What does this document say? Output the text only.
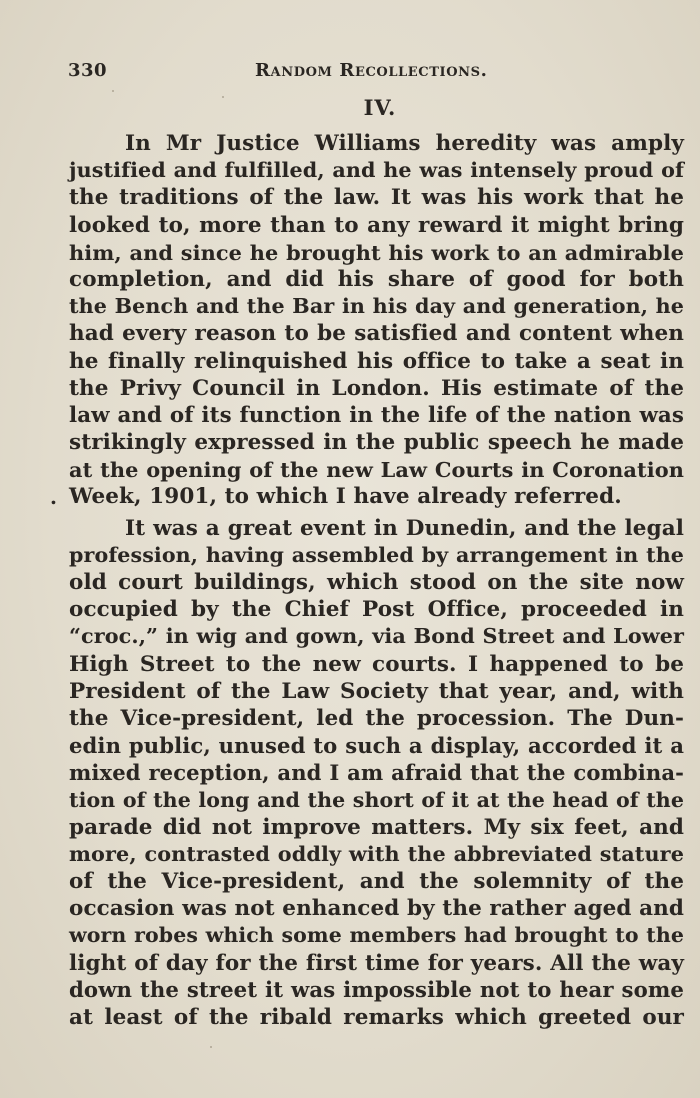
330	Random Recollections.
IV.
.
In Mr Justice Williams heredity was amply
justified and fulfilled, and he was intensely proud of
the traditions of the law. It was his work that he
looked to, more than to any reward it might bring
him, and since he brought his work to an admirable
completion, and did his share of good for both
the Bench and the Bar in his day and generation, he
had every reason to be satisfied and content when
he finally relinquished his office to take a seat in
the Privy Council in London. His estimate of the
law and of its function in the life of the nation was
strikingly expressed in the public speech he made
at the opening of the new Law Courts in Coronation
Week, 1901, to which I have already referred.
It was a great event in Dunedin, and the legal
profession, having assembled by arrangement in the
old court buildings, which stood on the site now
occupied by the Chief Post Office, proceeded in
“croc.,” in wig and gown, via Bond Street and Lower
High Street to the new courts. I happened to be
President of the Law Society that year, and, with
the Vice-president, led the procession. The Dun-
edin public, unused to such a display, accorded it a
mixed reception, and I am afraid that the combina-
tion of the long and the short of it at the head of the
parade did not improve matters. My six feet, and
more, contrasted oddly with the abbreviated stature
of the Vice-president, and the solemnity of the
occasion was not enhanced by the rather aged and
worn robes which some members had brought to the
light of day for the first time for years. All the way
down the street it was impossible not to hear some
at least of the ribald remarks which greeted our
